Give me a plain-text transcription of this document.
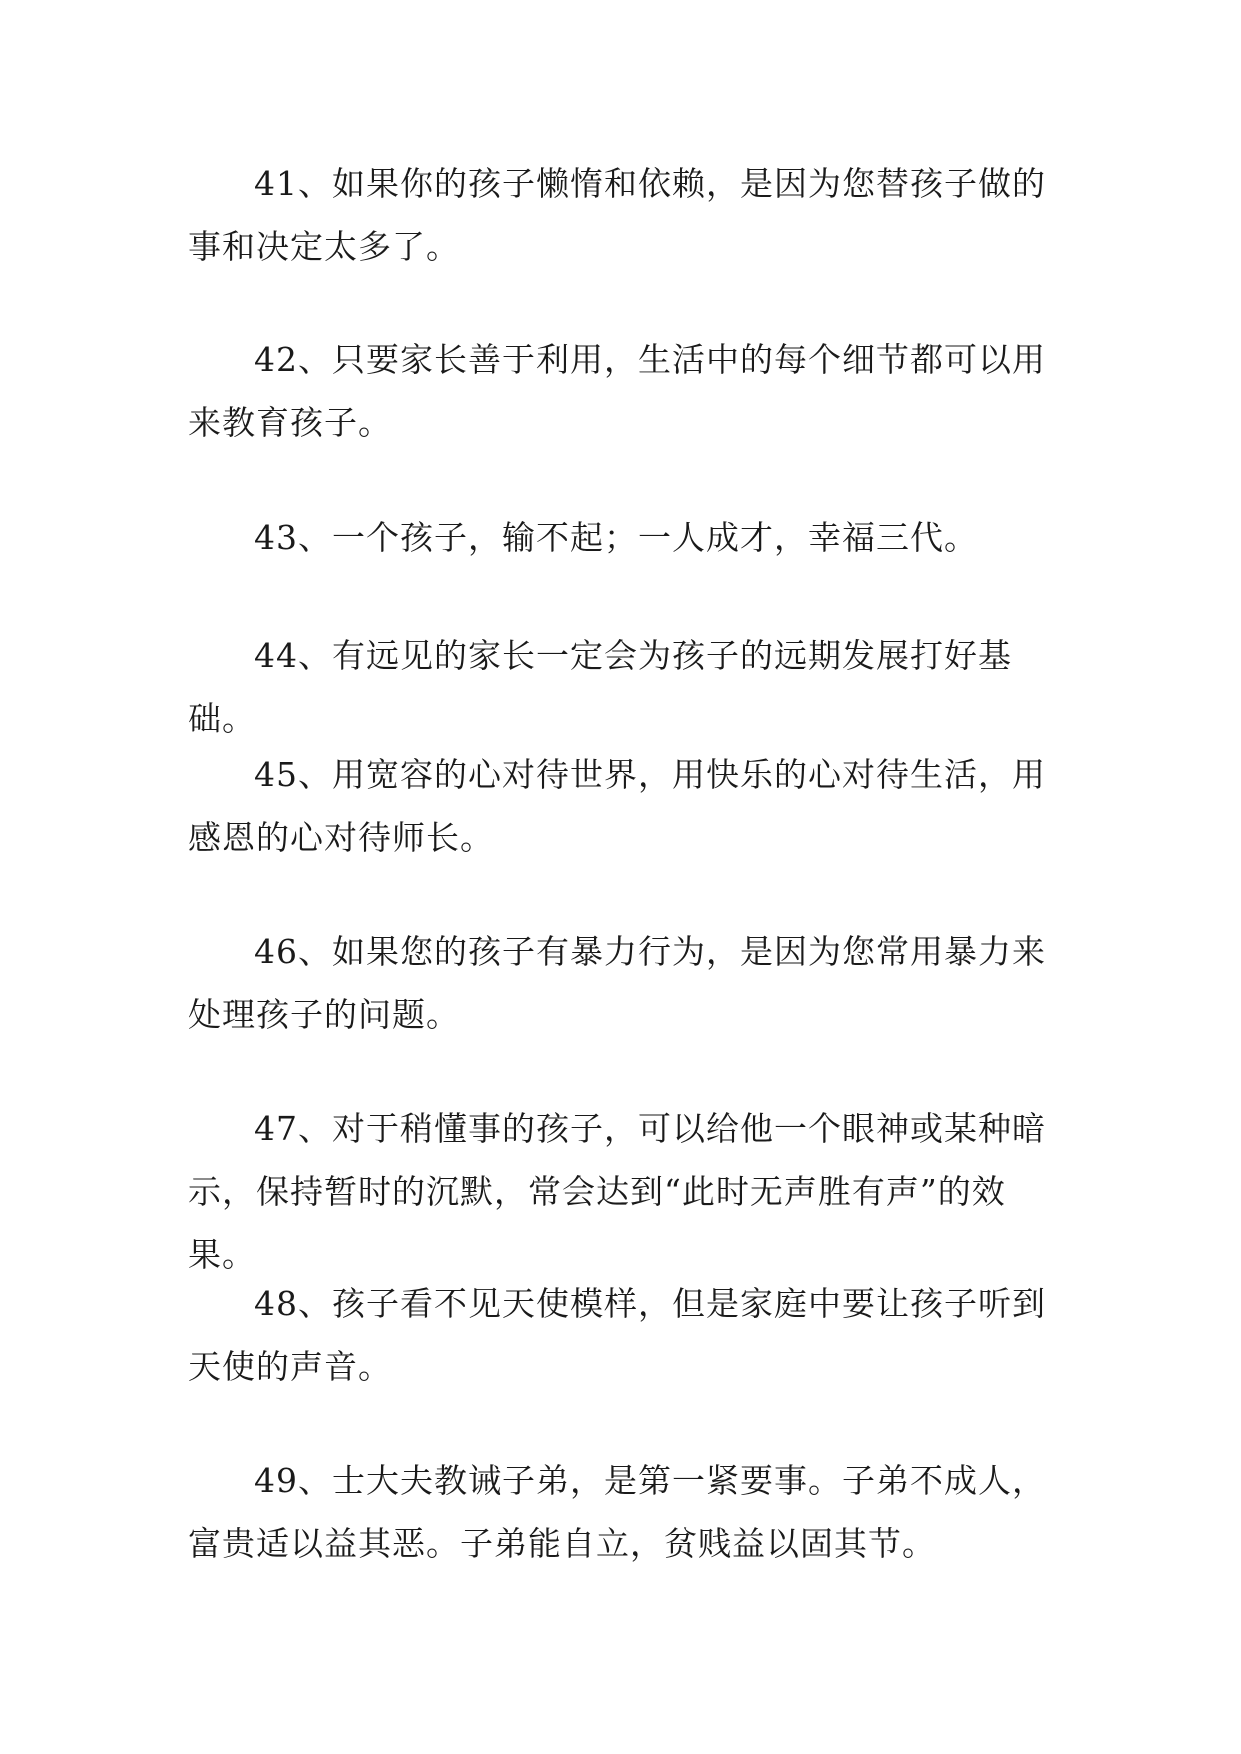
41、如果你的孩子懒惰和依赖，是因为您替孩子做的事和决定太多了。

42、只要家长善于利用，生活中的每个细节都可以用来教育孩子。

43、一个孩子，输不起；一人成才，幸福三代。

44、有远见的家长一定会为孩子的远期发展打好基础。

45、用宽容的心对待世界，用快乐的心对待生活，用感恩的心对待师长。

46、如果您的孩子有暴力行为，是因为您常用暴力来处理孩子的问题。

47、对于稍懂事的孩子，可以给他一个眼神或某种暗示，保持暂时的沉默，常会达到“此时无声胜有声”的效果。

48、孩子看不见天使模样，但是家庭中要让孩子听到天使的声音。

49、士大夫教诫子弟，是第一紧要事。子弟不成人，富贵适以益其恶。子弟能自立，贫贱益以固其节。
